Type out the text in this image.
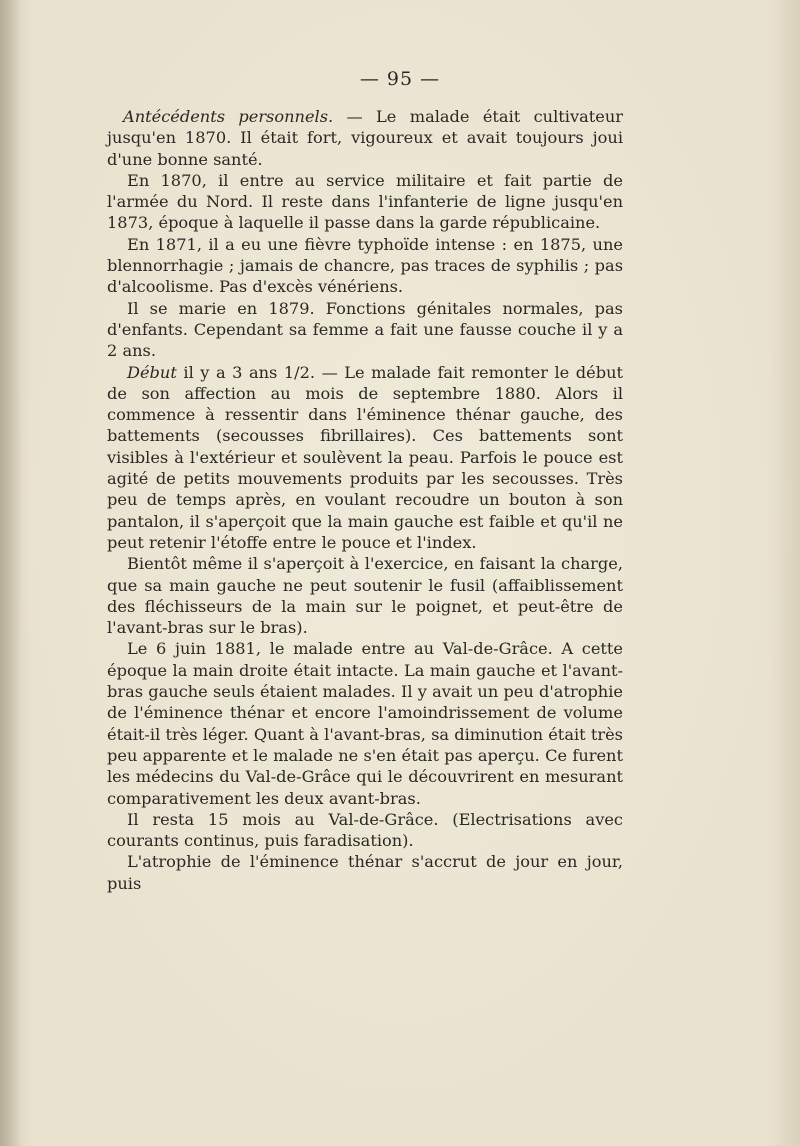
— 95 —

Antécédents personnels. — Le malade était cultivateur jusqu'en 1870. Il était fort, vigoureux et avait toujours joui d'une bonne santé.

En 1870, il entre au service militaire et fait partie de l'armée du Nord. Il reste dans l'infanterie de ligne jusqu'en 1873, époque à laquelle il passe dans la garde républicaine.

En 1871, il a eu une fièvre typhoïde intense : en 1875, une blennorrhagie ; jamais de chancre, pas traces de syphilis ; pas d'alcoolisme. Pas d'excès vénériens.

Il se marie en 1879. Fonctions génitales normales, pas d'enfants. Cependant sa femme a fait une fausse couche il y a 2 ans.

Début il y a 3 ans 1/2. — Le malade fait remonter le début de son affection au mois de septembre 1880. Alors il commence à ressentir dans l'éminence thénar gauche, des battements (secousses fibrillaires). Ces battements sont visibles à l'extérieur et soulèvent la peau. Parfois le pouce est agité de petits mouvements produits par les secousses. Très peu de temps après, en voulant recoudre un bouton à son pantalon, il s'aperçoit que la main gauche est faible et qu'il ne peut retenir l'étoffe entre le pouce et l'index.

Bientôt même il s'aperçoit à l'exercice, en faisant la charge, que sa main gauche ne peut soutenir le fusil (affaiblissement des fléchisseurs de la main sur le poignet, et peut-être de l'avant-bras sur le bras).

Le 6 juin 1881, le malade entre au Val-de-Grâce. A cette époque la main droite était intacte. La main gauche et l'avant-bras gauche seuls étaient malades. Il y avait un peu d'atrophie de l'éminence thénar et encore l'amoindrissement de volume était-il très léger. Quant à l'avant-bras, sa diminution était très peu apparente et le malade ne s'en était pas aperçu. Ce furent les médecins du Val-de-Grâce qui le découvrirent en mesurant comparativement les deux avant-bras.

Il resta 15 mois au Val-de-Grâce. (Electrisations avec courants continus, puis faradisation).

L'atrophie de l'éminence thénar s'accrut de jour en jour, puis
